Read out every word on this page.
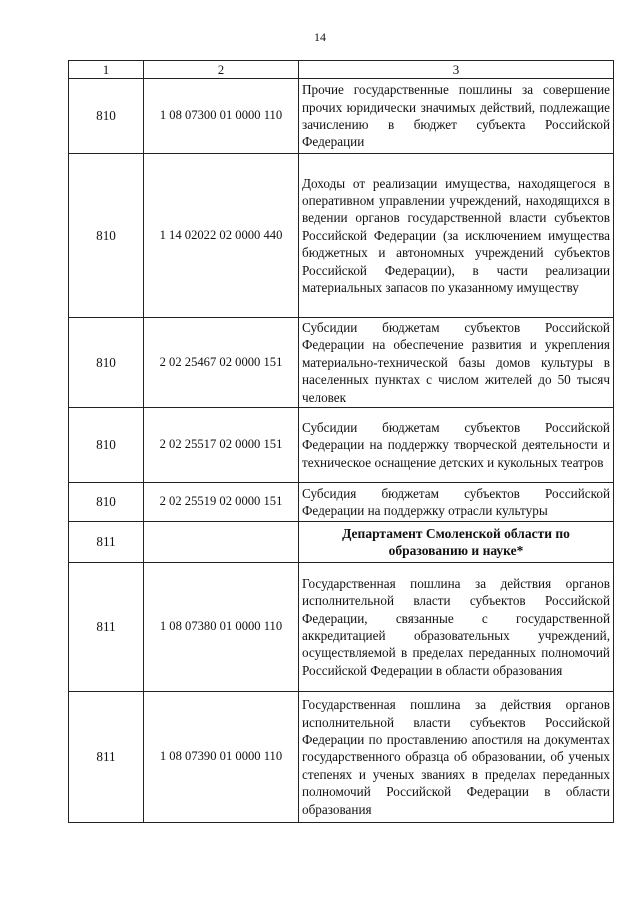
14
1	2	3
810	1 08 07300 01 0000 110	Прочие государственные пошлины за совершение прочих юридически значимых действий, подлежащие зачислению в бюджет субъекта Российской Федерации
810	1 14 02022 02 0000 440	Доходы от реализации имущества, находящегося в оперативном управлении учреждений, находящихся в ведении органов государственной власти субъектов Российской Федерации (за исключением имущества бюджетных и автономных учреждений субъектов Российской Федерации), в части реализации материальных запасов по указанному имуществу
810	2 02 25467 02 0000 151	Субсидии бюджетам субъектов Российской Федерации на обеспечение развития и укрепления материально-технической базы домов культуры в населенных пунктах с числом жителей до 50 тысяч человек
810	2 02 25517 02 0000 151	Субсидии бюджетам субъектов Российской Федерации на поддержку творческой деятельности и техническое оснащение детских и кукольных театров
810	2 02 25519 02 0000 151	Субсидия бюджетам субъектов Российской Федерации на поддержку отрасли культуры
811		Департамент Смоленской области по образованию и науке*
811	1 08 07380 01 0000 110	Государственная пошлина за действия органов исполнительной власти субъектов Российской Федерации, связанные с государственной аккредитацией образовательных учреждений, осуществляемой в пределах переданных полномочий Российской Федерации в области образования
811	1 08 07390 01 0000 110	Государственная пошлина за действия органов исполнительной власти субъектов Российской Федерации по проставлению апостиля на документах государственного образца об образовании, об ученых степенях и ученых званиях в пределах переданных полномочий Российской Федерации в области образования
